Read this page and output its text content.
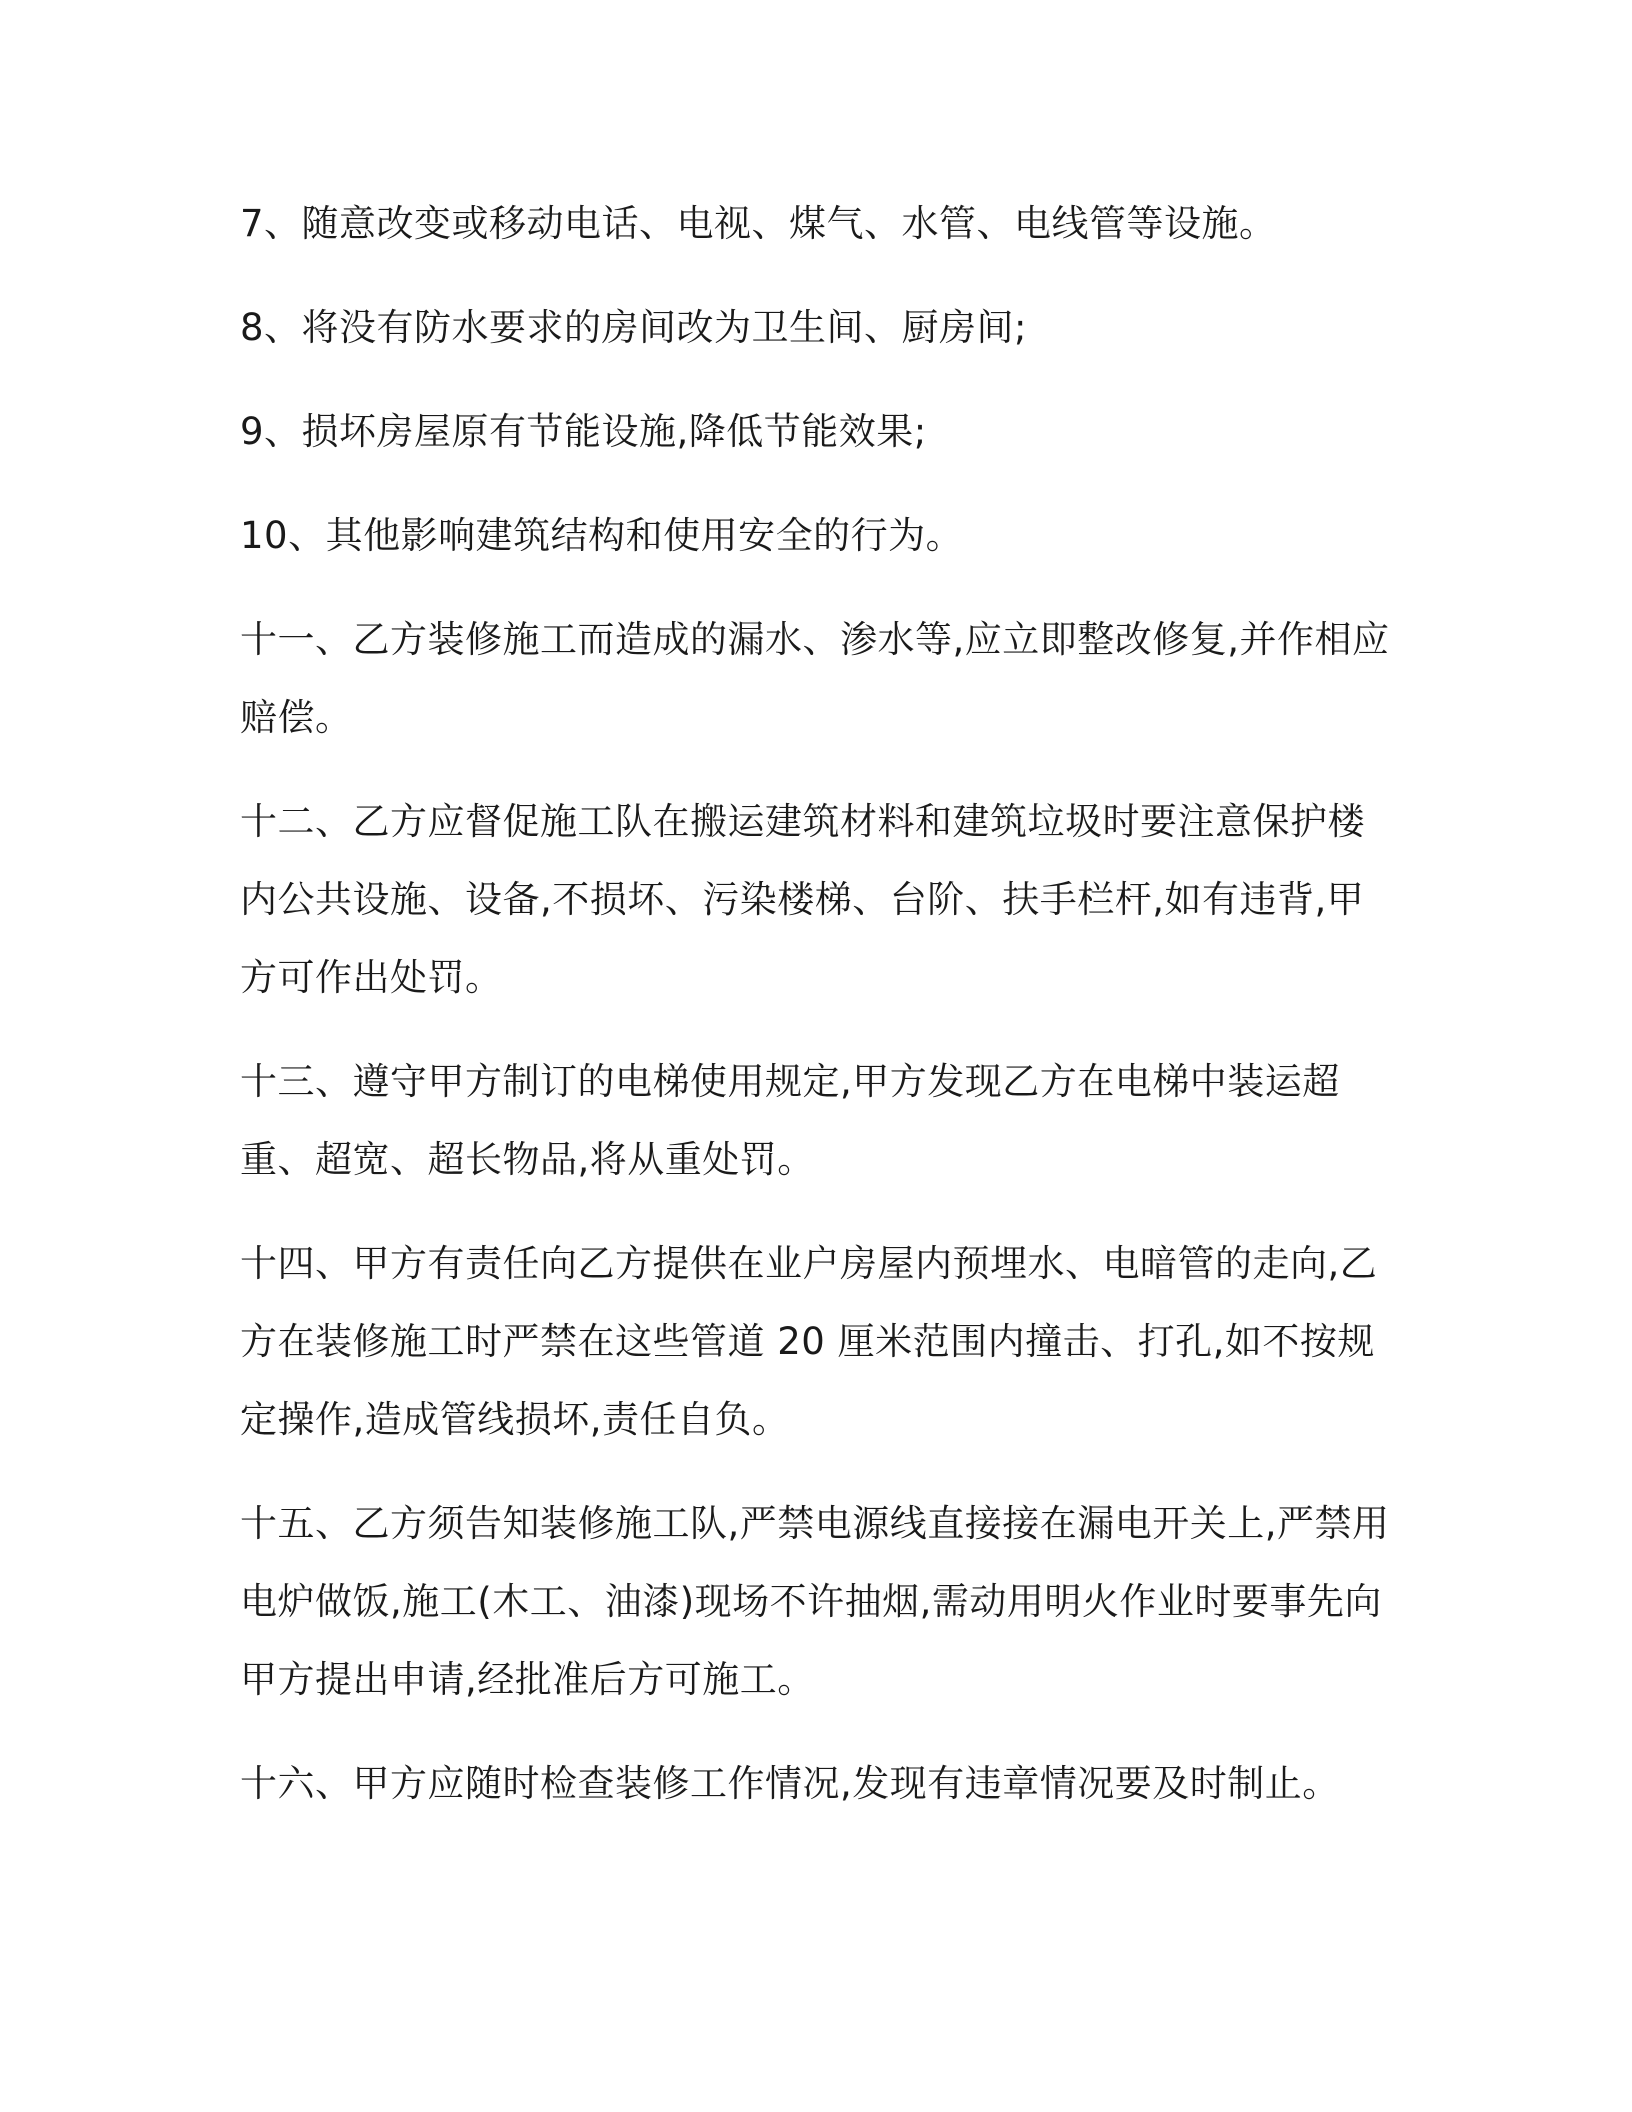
7、随意改变或移动电话、电视、煤气、水管、电线管等设施。

8、将没有防水要求的房间改为卫生间、厨房间;

9、损坏房屋原有节能设施,降低节能效果;

10、其他影响建筑结构和使用安全的行为。

十一、乙方装修施工而造成的漏水、渗水等,应立即整改修复,并作相应赔偿。

十二、乙方应督促施工队在搬运建筑材料和建筑垃圾时要注意保护楼内公共设施、设备,不损坏、污染楼梯、台阶、扶手栏杆,如有违背,甲方可作出处罚。

十三、遵守甲方制订的电梯使用规定,甲方发现乙方在电梯中装运超重、超宽、超长物品,将从重处罚。

十四、甲方有责任向乙方提供在业户房屋内预埋水、电暗管的走向,乙方在装修施工时严禁在这些管道 20 厘米范围内撞击、打孔,如不按规定操作,造成管线损坏,责任自负。

十五、乙方须告知装修施工队,严禁电源线直接接在漏电开关上,严禁用电炉做饭,施工(木工、油漆)现场不许抽烟,需动用明火作业时要事先向甲方提出申请,经批准后方可施工。

十六、甲方应随时检查装修工作情况,发现有违章情况要及时制止。
